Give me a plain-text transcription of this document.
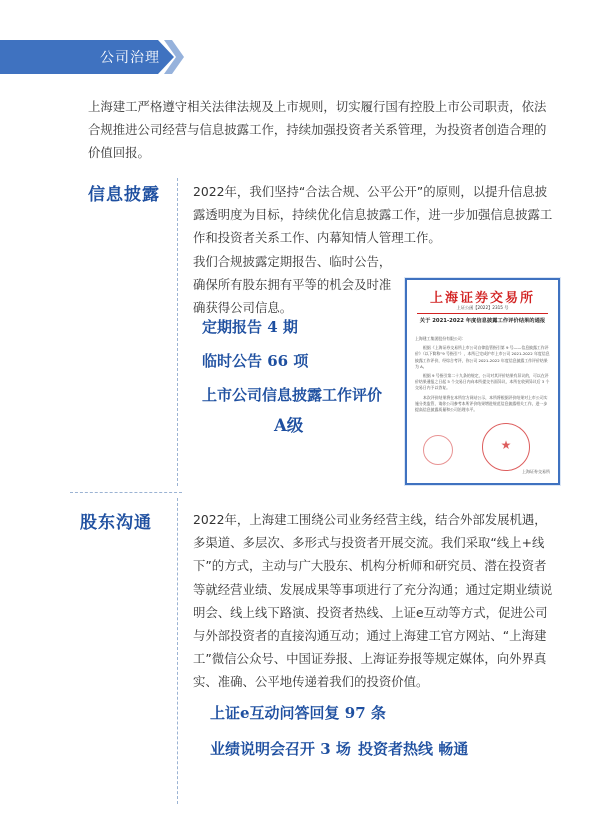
公司治理
上海建工严格遵守相关法律法规及上市规则，切实履行国有控股上市公司职责，依法合规推进公司经营与信息披露工作，持续加强投资者关系管理，为投资者创造合理的价值回报。
信息披露	2022年，我们坚持“合法合规、公平公开”的原则，以提升信息披露透明度为目标，持续优化信息披露工作，进一步加强信息披露工作和投资者关系工作、内幕知情人管理工作。
我们合规披露定期报告、临时公告，确保所有股东拥有平等的机会及时准确获得公司信息。
定期报告 4 期
临时公告 66 项
上市公司信息披露工作评价
A级
上海证券交易所
上证公函【2022】2315 号
关于 2021-2022 年度信息披露工作评价结果的通报

上海建工集团股份有限公司：

根据《上海证券交易所上市公司自律监管指引第 9 号——信息披露工作评价》（以下简称“9 号指引”），本所已完成沪市上市公司 2021-2022 年度信息披露工作评价，经综合考评，你公司 2021-2022 年度信息披露工作评价结果为 A。

根据 9 号指引第二十九条的规定，公司对其评价结果有异议的，可以在评价结果通报之日起 5 个交易日内向本所提交书面异议，本所在收到异议后 3 个交易日内予以答复。

本次评价结果将在本所官方网站公示，本所将根据评价结果对上市公司实施分类监管，请你公司参考本所评价结果增进规范信息披露相关工作，进一步提高信息披露质量和公司治理水平。

★
上海证券交易所
股东沟通	2022年，上海建工围绕公司业务经营主线，结合外部发展机遇，多渠道、多层次、多形式与投资者开展交流。我们采取“线上+线下”的方式，主动与广大股东、机构分析师和研究员、潜在投资者等就经营业绩、发展成果等事项进行了充分沟通；通过定期业绩说明会、线上线下路演、投资者热线、上证e互动等方式，促进公司与外部投资者的直接沟通互动；通过上海建工官方网站、“上海建工”微信公众号、中国证券报、上海证券报等规定媒体，向外界真实、准确、公平地传递着我们的投资价值。
上证e互动问答回复 97 条
业绩说明会召开 3 场 投资者热线 畅通
